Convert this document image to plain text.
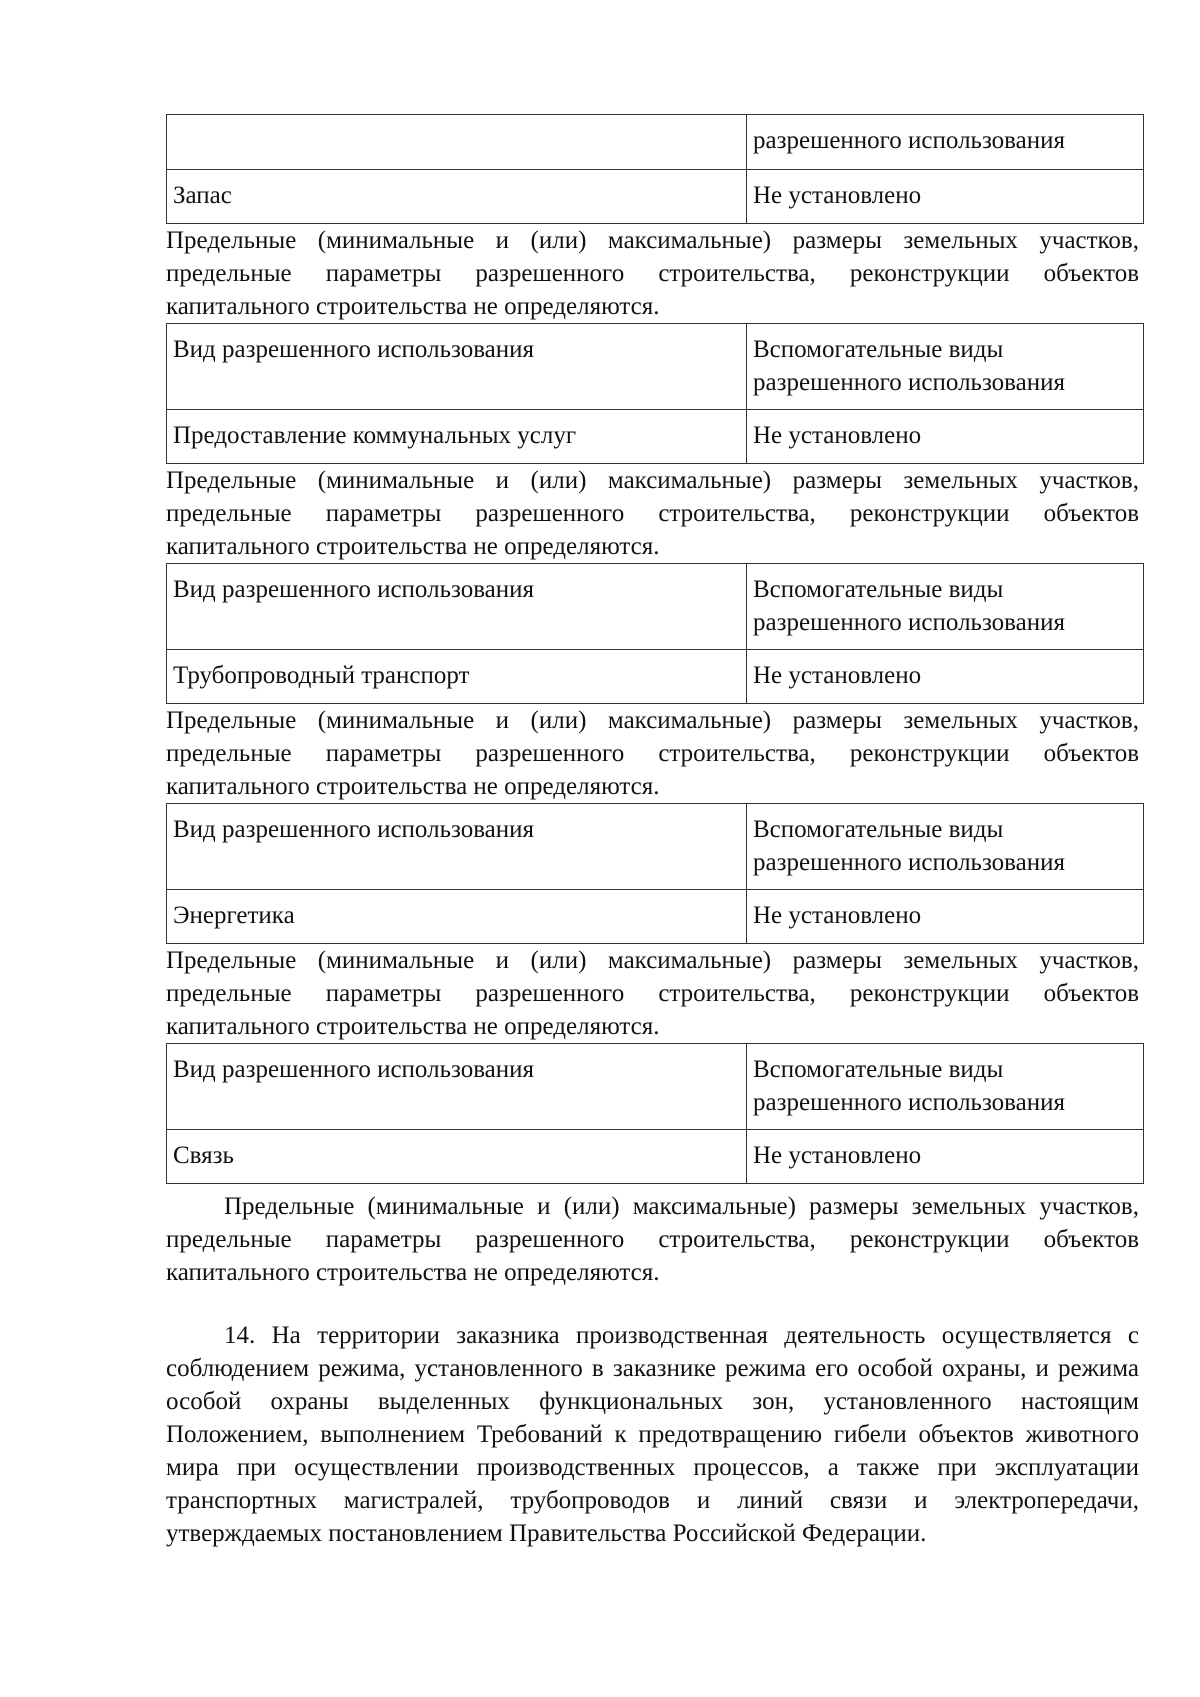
	разрешенного использования
Запас	Не установлено

Предельные (минимальные и (или) максимальные) размеры земельных участков, предельные параметры разрешенного строительства, реконструкции объектов капитального строительства не определяются.

Вид разрешенного использования	Вспомогательные виды разрешенного использования
Предоставление коммунальных услуг	Не установлено

Предельные (минимальные и (или) максимальные) размеры земельных участков, предельные параметры разрешенного строительства, реконструкции объектов капитального строительства не определяются.

Вид разрешенного использования	Вспомогательные виды разрешенного использования
Трубопроводный транспорт	Не установлено

Предельные (минимальные и (или) максимальные) размеры земельных участков, предельные параметры разрешенного строительства, реконструкции объектов капитального строительства не определяются.

Вид разрешенного использования	Вспомогательные виды разрешенного использования
Энергетика	Не установлено

Предельные (минимальные и (или) максимальные) размеры земельных участков, предельные параметры разрешенного строительства, реконструкции объектов капитального строительства не определяются.

Вид разрешенного использования	Вспомогательные виды разрешенного использования
Связь	Не установлено

Предельные (минимальные и (или) максимальные) размеры земельных участков, предельные параметры разрешенного строительства, реконструкции объектов капитального строительства не определяются.

14. На территории заказника производственная деятельность осуществляется с соблюдением режима, установленного в заказнике режима его особой охраны, и режима особой охраны выделенных функциональных зон, установленного настоящим Положением, выполнением Требований к предотвращению гибели объектов животного мира при осуществлении производственных процессов, а также при эксплуатации транспортных магистралей, трубопроводов и линий связи и электропередачи, утверждаемых постановлением Правительства Российской Федерации.
